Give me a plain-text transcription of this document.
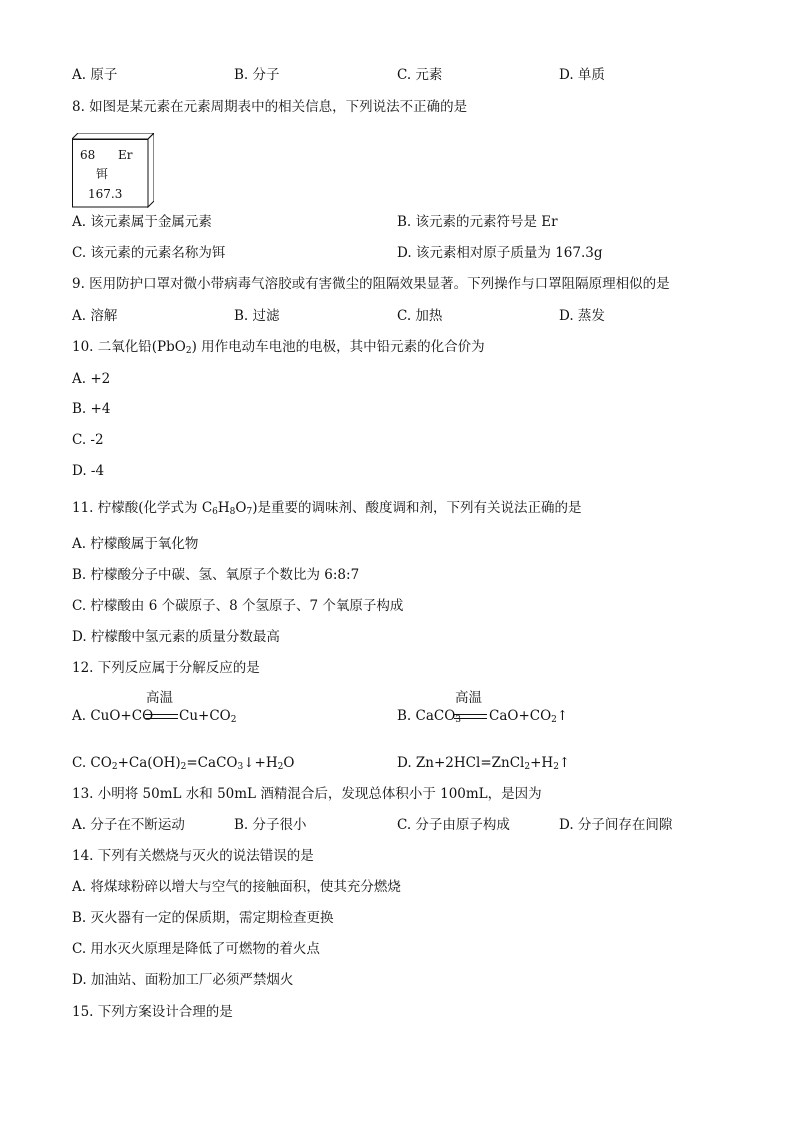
A. 原子	B. 分子	C. 元素	D. 单质
8. 如图是某元素在元素周期表中的相关信息，下列说法不正确的是
68 Er
铒
167.3
A. 该元素属于金属元素	B. 该元素的元素符号是 Er
C. 该元素的元素名称为铒	D. 该元素相对原子质量为 167.3g
9. 医用防护口罩对微小带病毒气溶胶或有害微尘的阻隔效果显著。下列操作与口罩阻隔原理相似的是
A. 溶解	B. 过滤	C. 加热	D. 蒸发
10. 二氧化铅(PbO$_2$) 用作电动车电池的电极，其中铅元素的化合价为
A. +2
B. +4
C. -2
D. -4
11. 柠檬酸(化学式为 $C_6H_8O_7$)是重要的调味剂、酸度调和剂，下列有关说法正确的是
A. 柠檬酸属于氧化物
B. 柠檬酸分子中碳、氢、氧原子个数比为 6:8:7
C. 柠檬酸由 6 个碳原子、8 个氢原子、7 个氧原子构成
D. 柠檬酸中氢元素的质量分数最高
12. 下列反应属于分解反应的是
A. CuO+CO
高温
$Cu+CO_2$	B. CaCO$_3$
高温
$CaO+CO_2↑$
C. $CO_2+Ca(OH)_2=CaCO_3↓+H_2O$	D. $Zn+2HCl=ZnCl_2+H_2↑$
13. 小明将 50mL 水和 50mL 酒精混合后，发现总体积小于 100mL，是因为
A. 分子在不断运动	B. 分子很小	C. 分子由原子构成	D. 分子间存在间隙
14. 下列有关燃烧与灭火的说法错误的是
A. 将煤球粉碎以增大与空气的接触面积，使其充分燃烧
B. 灭火器有一定的保质期，需定期检查更换
C. 用水灭火原理是降低了可燃物的着火点
D. 加油站、面粉加工厂必须严禁烟火
15. 下列方案设计合理的是
